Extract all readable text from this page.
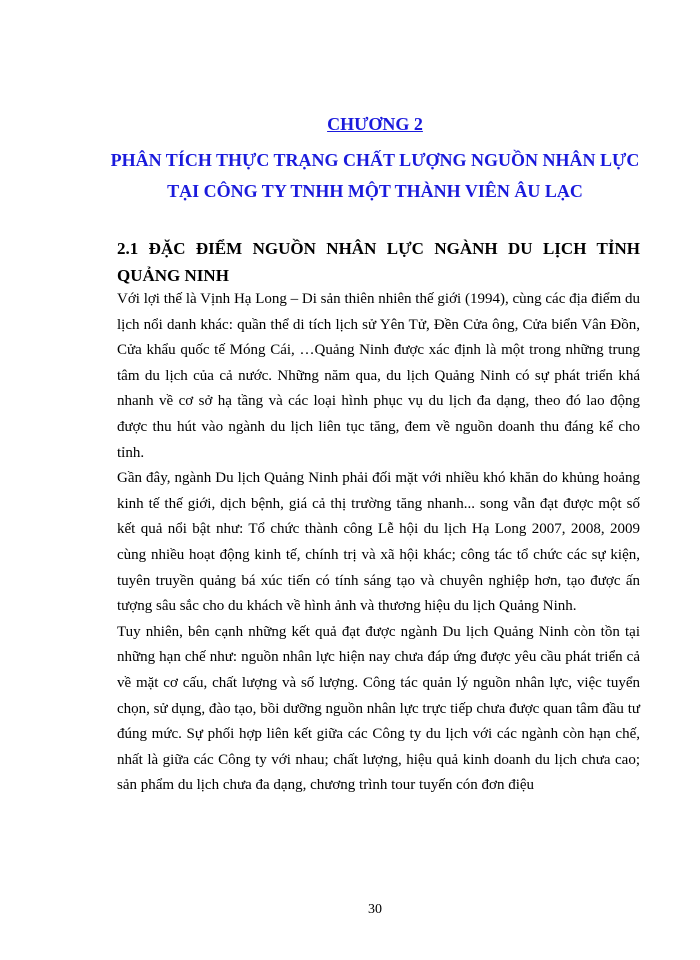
CHƯƠNG 2
PHÂN TÍCH THỰC TRẠNG CHẤT LƯỢNG NGUỒN NHÂN LỰC TẠI CÔNG TY TNHH MỘT THÀNH VIÊN ÂU LẠC
2.1 ĐẶC ĐIỂM NGUỒN NHÂN LỰC NGÀNH DU LỊCH TỈNH QUẢNG NINH

Với lợi thế là Vịnh Hạ Long – Di sản thiên nhiên thế giới (1994), cùng các địa điểm du lịch nổi danh khác: quần thể di tích lịch sử Yên Tử, Đền Cửa ông, Cửa biển Vân Đồn, Cửa khẩu quốc tế Móng Cái, …Quảng Ninh được xác định là một trong những trung tâm du lịch của cả nước. Những năm qua, du lịch Quảng Ninh có sự phát triển khá nhanh về cơ sở hạ tầng và các loại hình phục vụ du lịch đa dạng, theo đó lao động được thu hút vào ngành du lịch liên tục tăng, đem về nguồn doanh thu đáng kể cho tỉnh.

Gần đây, ngành Du lịch Quảng Ninh phải đối mặt với nhiều khó khăn do khủng hoảng kinh tế thế giới, dịch bệnh, giá cả thị trường tăng nhanh... song vẫn đạt được một số kết quả nổi bật như: Tổ chức thành công Lễ hội du lịch Hạ Long 2007, 2008, 2009 cùng nhiều hoạt động kinh tế, chính trị và xã hội khác; công tác tổ chức các sự kiện, tuyên truyền quảng bá xúc tiến có tính sáng tạo và chuyên nghiệp hơn, tạo được ấn tượng sâu sắc cho du khách về hình ảnh và thương hiệu du lịch Quảng Ninh.

Tuy nhiên, bên cạnh những kết quả đạt được ngành Du lịch Quảng Ninh còn tồn tại những hạn chế như: nguồn nhân lực hiện nay chưa đáp ứng được yêu cầu phát triển cả về mặt cơ cấu, chất lượng và số lượng. Công tác quản lý nguồn nhân lực, việc tuyển chọn, sử dụng, đào tạo, bồi dưỡng nguồn nhân lực trực tiếp chưa được quan tâm đầu tư đúng mức. Sự phối hợp liên kết giữa các Công ty du lịch với các ngành còn hạn chế, nhất là giữa các Công ty với nhau; chất lượng, hiệu quả kinh doanh du lịch chưa cao; sản phẩm du lịch chưa đa dạng, chương trình tour tuyến cón đơn điệu

30
